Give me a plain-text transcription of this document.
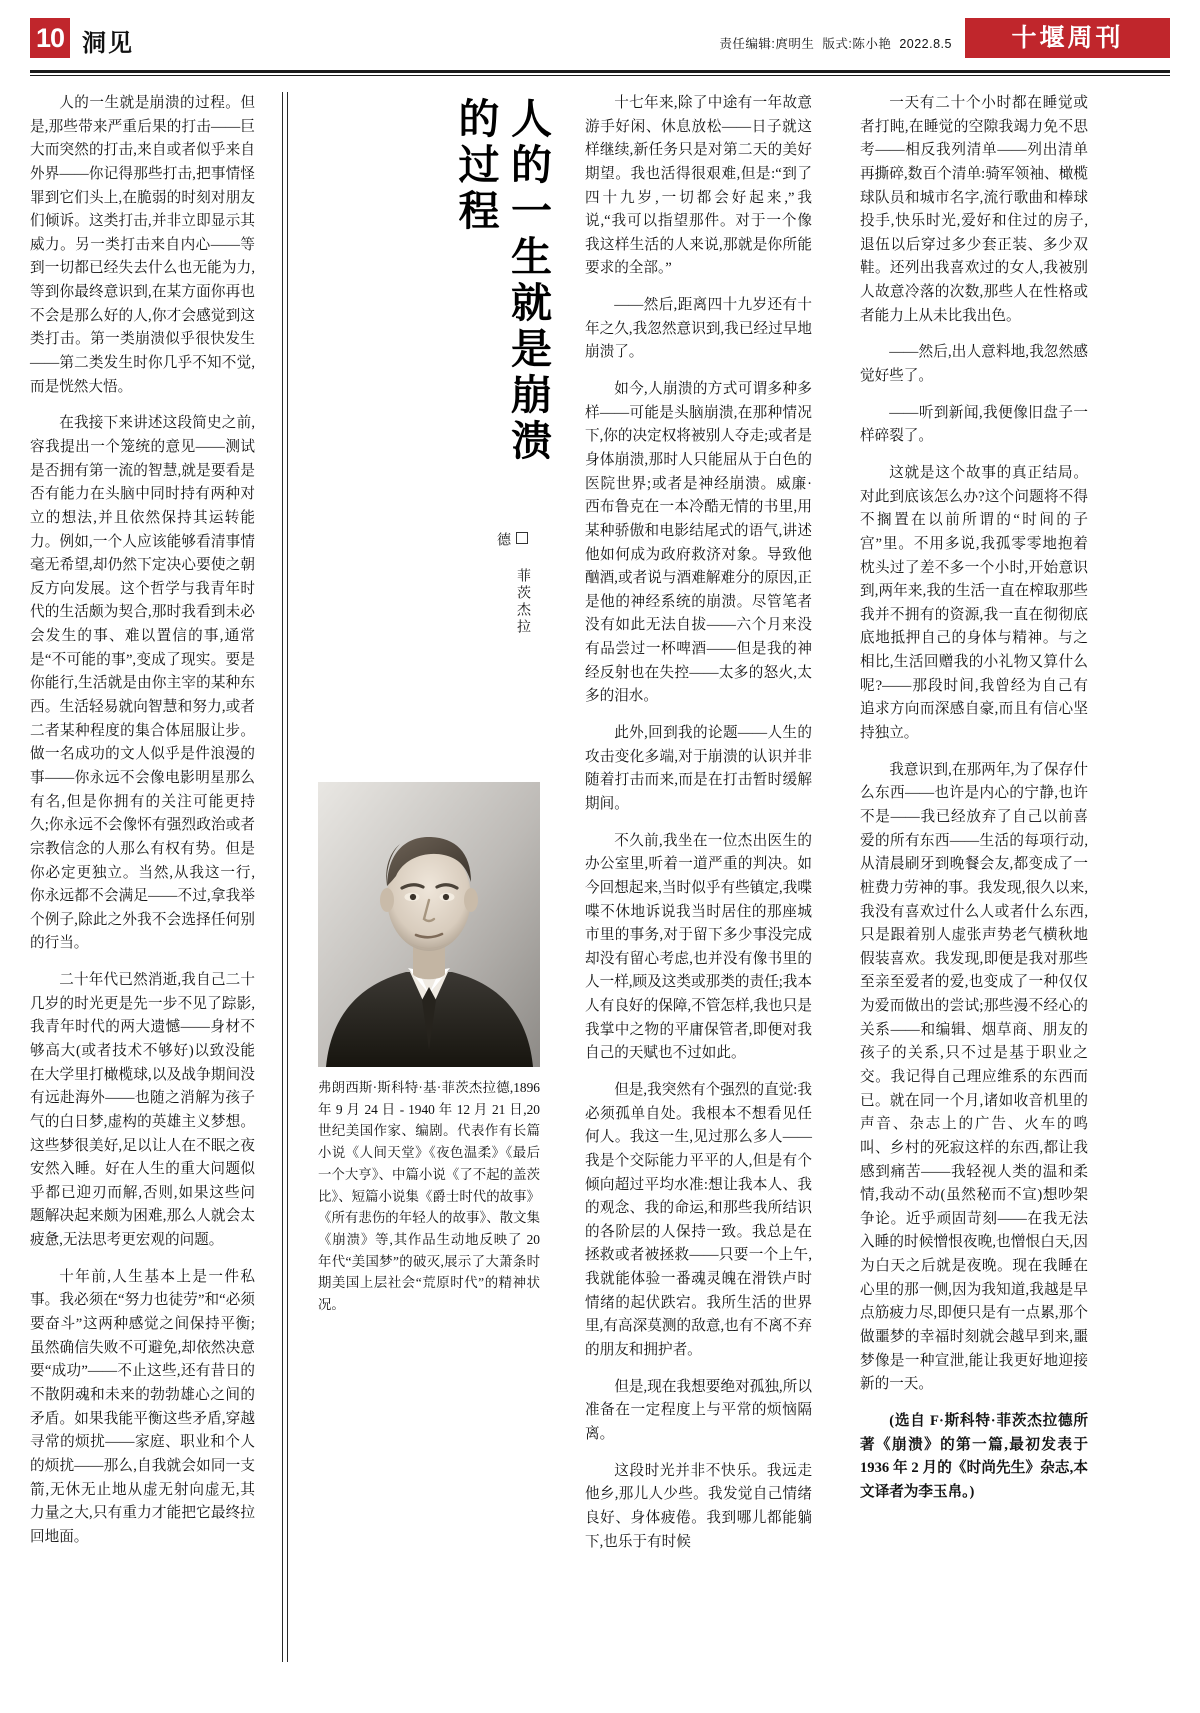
10 洞见	责任编辑:庹明生 版式:陈小艳 2022.8.5	十堰周刊

人的一生就是崩溃的过程。但是,那些带来严重后果的打击——巨大而突然的打击,来自或者似乎来自外界——你记得那些打击,把事情怪罪到它们头上,在脆弱的时刻对朋友们倾诉。这类打击,并非立即显示其威力。另一类打击来自内心——等到一切都已经失去什么也无能为力,等到你最终意识到,在某方面你再也不会是那么好的人,你才会感觉到这类打击。第一类崩溃似乎很快发生——第二类发生时你几乎不知不觉,而是恍然大悟。

在我接下来讲述这段简史之前,容我提出一个笼统的意见——测试是否拥有第一流的智慧,就是要看是否有能力在头脑中同时持有两种对立的想法,并且依然保持其运转能力。例如,一个人应该能够看清事情毫无希望,却仍然下定决心要使之朝反方向发展。这个哲学与我青年时代的生活颇为契合,那时我看到未必会发生的事、难以置信的事,通常是“不可能的事”,变成了现实。要是你能行,生活就是由你主宰的某种东西。生活轻易就向智慧和努力,或者二者某种程度的集合体屈服让步。做一名成功的文人似乎是件浪漫的事——你永远不会像电影明星那么有名,但是你拥有的关注可能更持久;你永远不会像怀有强烈政治或者宗教信念的人那么有权有势。但是你必定更独立。当然,从我这一行,你永远都不会满足——不过,拿我举个例子,除此之外我不会选择任何别的行当。

二十年代已然消逝,我自己二十几岁的时光更是先一步不见了踪影,我青年时代的两大遗憾——身材不够高大(或者技术不够好)以致没能在大学里打橄榄球,以及战争期间没有远赴海外——也随之消解为孩子气的白日梦,虚构的英雄主义梦想。这些梦很美好,足以让人在不眠之夜安然入睡。好在人生的重大问题似乎都已迎刃而解,否则,如果这些问题解决起来颇为困难,那么人就会太疲惫,无法思考更宏观的问题。

十年前,人生基本上是一件私事。我必须在“努力也徒劳”和“必须要奋斗”这两种感觉之间保持平衡;虽然确信失败不可避免,却依然决意要“成功”——不止这些,还有昔日的不散阴魂和未来的勃勃雄心之间的矛盾。如果我能平衡这些矛盾,穿越寻常的烦扰——家庭、职业和个人的烦扰——那么,自我就会如同一支箭,无休无止地从虚无射向虚无,其力量之大,只有重力才能把它最终拉回地面。

人的一生就是崩溃的过程
菲茨杰拉德
弗朗西斯·斯科特·基·菲茨杰拉德,1896 年 9 月 24 日 - 1940 年 12 月 21 日,20 世纪美国作家、编剧。代表作有长篇小说《人间天堂》《夜色温柔》《最后一个大亨》、中篇小说《了不起的盖茨比》、短篇小说集《爵士时代的故事》《所有悲伤的年轻人的故事》、散文集《崩溃》等,其作品生动地反映了 20 年代“美国梦”的破灭,展示了大萧条时期美国上层社会“荒原时代”的精神状况。

十七年来,除了中途有一年故意游手好闲、休息放松——日子就这样继续,新任务只是对第二天的美好期望。我也活得很艰难,但是:“到了四十九岁,一切都会好起来,”我说,“我可以指望那件。对于一个像我这样生活的人来说,那就是你所能要求的全部。”

——然后,距离四十九岁还有十年之久,我忽然意识到,我已经过早地崩溃了。

如今,人崩溃的方式可谓多种多样——可能是头脑崩溃,在那种情况下,你的决定权将被别人夺走;或者是身体崩溃,那时人只能屈从于白色的医院世界;或者是神经崩溃。威廉·西布鲁克在一本冷酷无情的书里,用某种骄傲和电影结尾式的语气,讲述他如何成为政府救济对象。导致他酗酒,或者说与酒难解难分的原因,正是他的神经系统的崩溃。尽管笔者没有如此无法自拔——六个月来没有品尝过一杯啤酒——但是我的神经反射也在失控——太多的怒火,太多的泪水。

此外,回到我的论题——人生的攻击变化多端,对于崩溃的认识并非随着打击而来,而是在打击暂时缓解期间。

不久前,我坐在一位杰出医生的办公室里,听着一道严重的判决。如今回想起来,当时似乎有些镇定,我喋喋不休地诉说我当时居住的那座城市里的事务,对于留下多少事没完成却没有留心考虑,也并没有像书里的人一样,顾及这类或那类的责任;我本人有良好的保障,不管怎样,我也只是我掌中之物的平庸保管者,即便对我自己的天赋也不过如此。

但是,我突然有个强烈的直觉:我必须孤单自处。我根本不想看见任何人。我这一生,见过那么多人——我是个交际能力平平的人,但是有个倾向超过平均水准:想让我本人、我的观念、我的命运,和那些我所结识的各阶层的人保持一致。我总是在拯救或者被拯救——只要一个上午,我就能体验一番魂灵魄在滑铁卢时情绪的起伏跌宕。我所生活的世界里,有高深莫测的敌意,也有不离不弃的朋友和拥护者。

但是,现在我想要绝对孤独,所以准备在一定程度上与平常的烦恼隔离。

这段时光并非不快乐。我远走他乡,那儿人少些。我发觉自己情绪良好、身体疲倦。我到哪儿都能躺下,也乐于有时候

一天有二十个小时都在睡觉或者打盹,在睡觉的空隙我竭力免不思考——相反我列清单——列出清单再撕碎,数百个清单:骑军领袖、橄榄球队员和城市名字,流行歌曲和棒球投手,快乐时光,爱好和住过的房子,退伍以后穿过多少套正装、多少双鞋。还列出我喜欢过的女人,我被别人故意冷落的次数,那些人在性格或者能力上从未比我出色。

——然后,出人意料地,我忽然感觉好些了。

——听到新闻,我便像旧盘子一样碎裂了。

这就是这个故事的真正结局。对此到底该怎么办?这个问题将不得不搁置在以前所谓的“时间的子宫”里。不用多说,我孤零零地抱着枕头过了差不多一个小时,开始意识到,两年来,我的生活一直在榨取那些我并不拥有的资源,我一直在彻彻底底地抵押自己的身体与精神。与之相比,生活回赠我的小礼物又算什么呢?——那段时间,我曾经为自己有追求方向而深感自豪,而且有信心坚持独立。

我意识到,在那两年,为了保存什么东西——也许是内心的宁静,也许不是——我已经放弃了自己以前喜爱的所有东西——生活的每项行动,从清晨刷牙到晚餐会友,都变成了一桩费力劳神的事。我发现,很久以来,我没有喜欢过什么人或者什么东西,只是跟着别人虚张声势老气横秋地假装喜欢。我发现,即便是我对那些至亲至爱者的爱,也变成了一种仅仅为爱而做出的尝试;那些漫不经心的关系——和编辑、烟草商、朋友的孩子的关系,只不过是基于职业之交。我记得自己理应维系的东西而已。就在同一个月,诸如收音机里的声音、杂志上的广告、火车的鸣叫、乡村的死寂这样的东西,都让我感到痛苦——我轻视人类的温和柔情,我动不动(虽然秘而不宣)想吵架争论。近乎顽固苛刻——在我无法入睡的时候憎恨夜晚,也憎恨白天,因为白天之后就是夜晚。现在我睡在心里的那一侧,因为我知道,我越是早点筋疲力尽,即便只是有一点累,那个做噩梦的幸福时刻就会越早到来,噩梦像是一种宣泄,能让我更好地迎接新的一天。

(选自 F·斯科特·菲茨杰拉德所著《崩溃》的第一篇,最初发表于 1936 年 2 月的《时尚先生》杂志,本文译者为李玉帛。)
